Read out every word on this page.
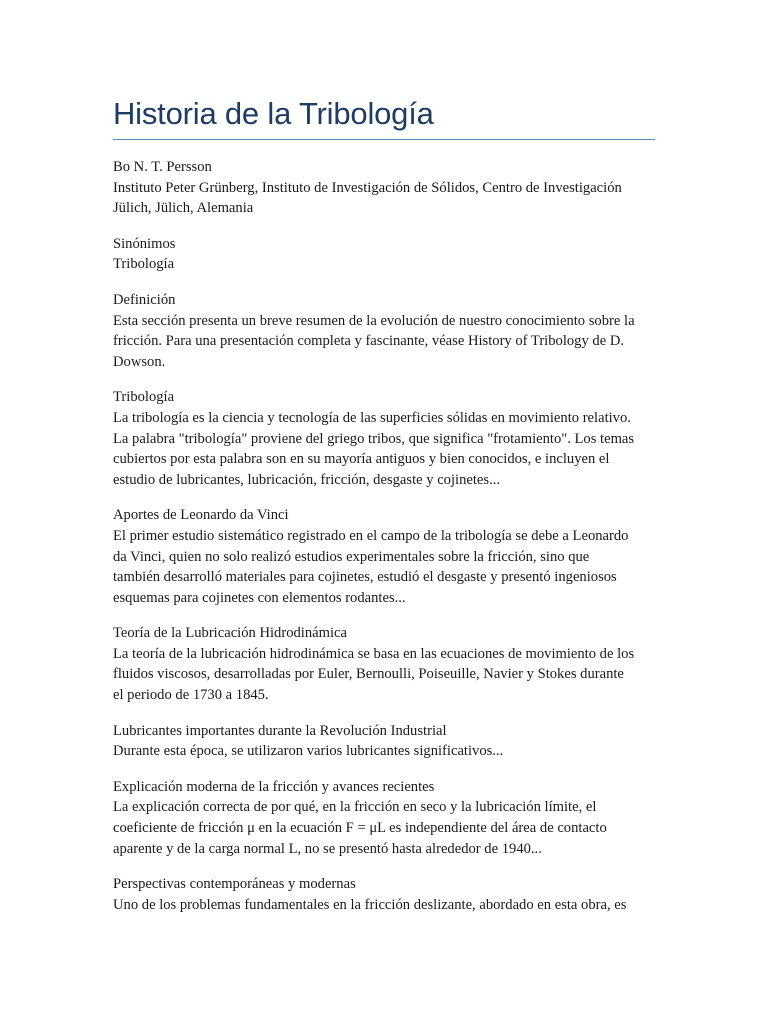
Historia de la Tribología
Bo N. T. Persson
Instituto Peter Grünberg, Instituto de Investigación de Sólidos, Centro de Investigación
Jülich, Jülich, Alemania
Sinónimos
Tribología
Definición
Esta sección presenta un breve resumen de la evolución de nuestro conocimiento sobre la
fricción. Para una presentación completa y fascinante, véase History of Tribology de D.
Dowson.
Tribología
La tribología es la ciencia y tecnología de las superficies sólidas en movimiento relativo.
La palabra "tribología" proviene del griego tribos, que significa "frotamiento". Los temas
cubiertos por esta palabra son en su mayoría antiguos y bien conocidos, e incluyen el
estudio de lubricantes, lubricación, fricción, desgaste y cojinetes...
Aportes de Leonardo da Vinci
El primer estudio sistemático registrado en el campo de la tribología se debe a Leonardo
da Vinci, quien no solo realizó estudios experimentales sobre la fricción, sino que
también desarrolló materiales para cojinetes, estudió el desgaste y presentó ingeniosos
esquemas para cojinetes con elementos rodantes...
Teoría de la Lubricación Hidrodinámica
La teoría de la lubricación hidrodinámica se basa en las ecuaciones de movimiento de los
fluidos viscosos, desarrolladas por Euler, Bernoulli, Poiseuille, Navier y Stokes durante
el periodo de 1730 a 1845.
Lubricantes importantes durante la Revolución Industrial
Durante esta época, se utilizaron varios lubricantes significativos...
Explicación moderna de la fricción y avances recientes
La explicación correcta de por qué, en la fricción en seco y la lubricación límite, el
coeficiente de fricción μ en la ecuación F = μL es independiente del área de contacto
aparente y de la carga normal L, no se presentó hasta alrededor de 1940...
Perspectivas contemporáneas y modernas
Uno de los problemas fundamentales en la fricción deslizante, abordado en esta obra, es
